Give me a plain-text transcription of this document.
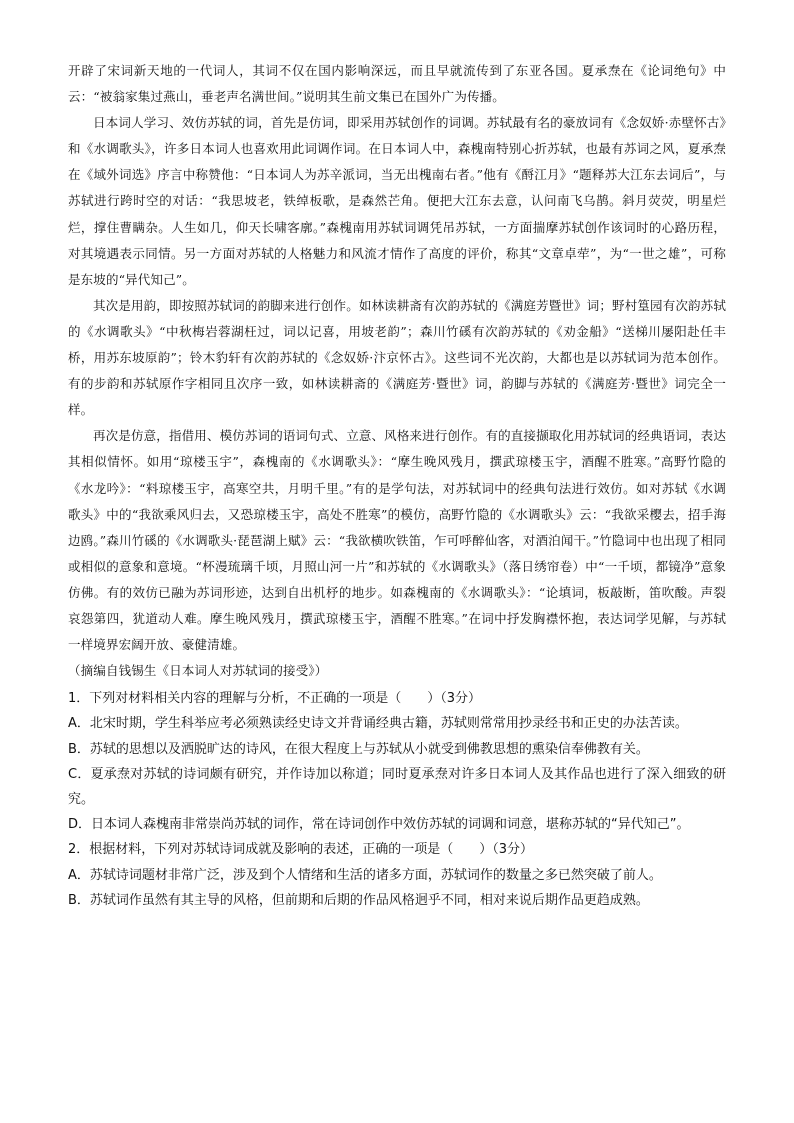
开辟了宋词新天地的一代词人，其词不仅在国内影响深远，而且早就流传到了东亚各国。夏承焘在《论词绝句》中云：“被翁家集过燕山，垂老声名满世间。”说明其生前文集已在国外广为传播。

日本词人学习、效仿苏轼的词，首先是仿词，即采用苏轼创作的词调。苏轼最有名的豪放词有《念奴娇·赤壁怀古》和《水调歌头》，许多日本词人也喜欢用此词调作词。在日本词人中，森槐南特别心折苏轼，也最有苏词之风，夏承焘在《域外词选》序言中称赞他：“日本词人为苏辛派词，当无出槐南右者。”他有《酹江月》“题释苏大江东去词后”，与苏轼进行跨时空的对话：“我思坡老，铁绰板歌，是森然芒角。便把大江东去意，认问南飞乌鹊。斜月荧荧，明星烂烂，撑住曹瞒杂。人生如几，仰天长啸客廓。”森槐南用苏轼词调凭吊苏轼，一方面揣摩苏轼创作该词时的心路历程，对其境遇表示同情。另一方面对苏轼的人格魅力和风流才情作了高度的评价，称其“文章卓荦”，为“一世之雄”，可称是东坡的“异代知己”。

其次是用韵，即按照苏轼词的韵脚来进行创作。如林读耕斋有次韵苏轼的《满庭芳暨世》词；野村篁园有次韵苏轼的《水调歌头》“中秋梅岩蓉湖枉过，词以记喜，用坡老韵”；森川竹磎有次韵苏轼的《劝金船》“送梯川屡阳赴任丰桥，用苏东坡原韵”；铃木豹轩有次韵苏轼的《念奴娇·汴京怀古》。这些词不光次韵，大都也是以苏轼词为范本创作。有的步韵和苏轼原作字相同且次序一致，如林读耕斋的《满庭芳·暨世》词，韵脚与苏轼的《满庭芳·暨世》词完全一样。

再次是仿意，指借用、模仿苏词的语词句式、立意、风格来进行创作。有的直接撷取化用苏轼词的经典语词，表达其相似情怀。如用“琼楼玉宇”，森槐南的《水调歌头》：“摩生晚风残月，撰武琼楼玉宇，酒醒不胜寒。”高野竹隐的《水龙吟》：“料琼楼玉宇，高寒空共，月明千里。”有的是学句法，对苏轼词中的经典句法进行效仿。如对苏轼《水调歌头》中的“我欲乘风归去，又恐琼楼玉宇，高处不胜寒”的模仿，高野竹隐的《水调歌头》云：“我欲采樱去，招手海边鸥。”森川竹磎的《水调歌头·琵琶湖上赋》云：“我欲横吹铁笛，乍可呼醉仙客，对酒泊闻干。”竹隐词中也出现了相同或相似的意象和意境。“杯漫琉璃千顷，月照山河一片”和苏轼的《水调歌头》（落日绣帘卷）中“一千顷，都镜净”意象仿佛。有的效仿已融为苏词形迹，达到自出机杼的地步。如森槐南的《水调歌头》：“论填词，板敲断，笛吹酸。声裂哀怨第四，犹道动人难。摩生晚风残月，撰武琼楼玉宇，酒醒不胜寒。”在词中抒发胸襟怀抱，表达词学见解，与苏轼一样境界宏阔开放、豪健清雄。

（摘编自钱锡生《日本词人对苏轼词的接受》）

1．下列对材料相关内容的理解与分析，不正确的一项是（　　）（3分）

A．北宋时期，学生科举应考必须熟读经史诗文并背诵经典古籍，苏轼则常常用抄录经书和正史的办法苦读。

B．苏轼的思想以及洒脱旷达的诗风，在很大程度上与苏轼从小就受到佛教思想的熏染信奉佛教有关。

C．夏承焘对苏轼的诗词颇有研究，并作诗加以称道；同时夏承焘对许多日本词人及其作品也进行了深入细致的研究。

D．日本词人森槐南非常崇尚苏轼的词作，常在诗词创作中效仿苏轼的词调和词意，堪称苏轼的“异代知己”。

2．根据材料，下列对苏轼诗词成就及影响的表述，正确的一项是（　　）（3分）

A．苏轼诗词题材非常广泛，涉及到个人情绪和生活的诸多方面，苏轼词作的数量之多已然突破了前人。

B．苏轼词作虽然有其主导的风格，但前期和后期的作品风格迥乎不同，相对来说后期作品更趋成熟。
